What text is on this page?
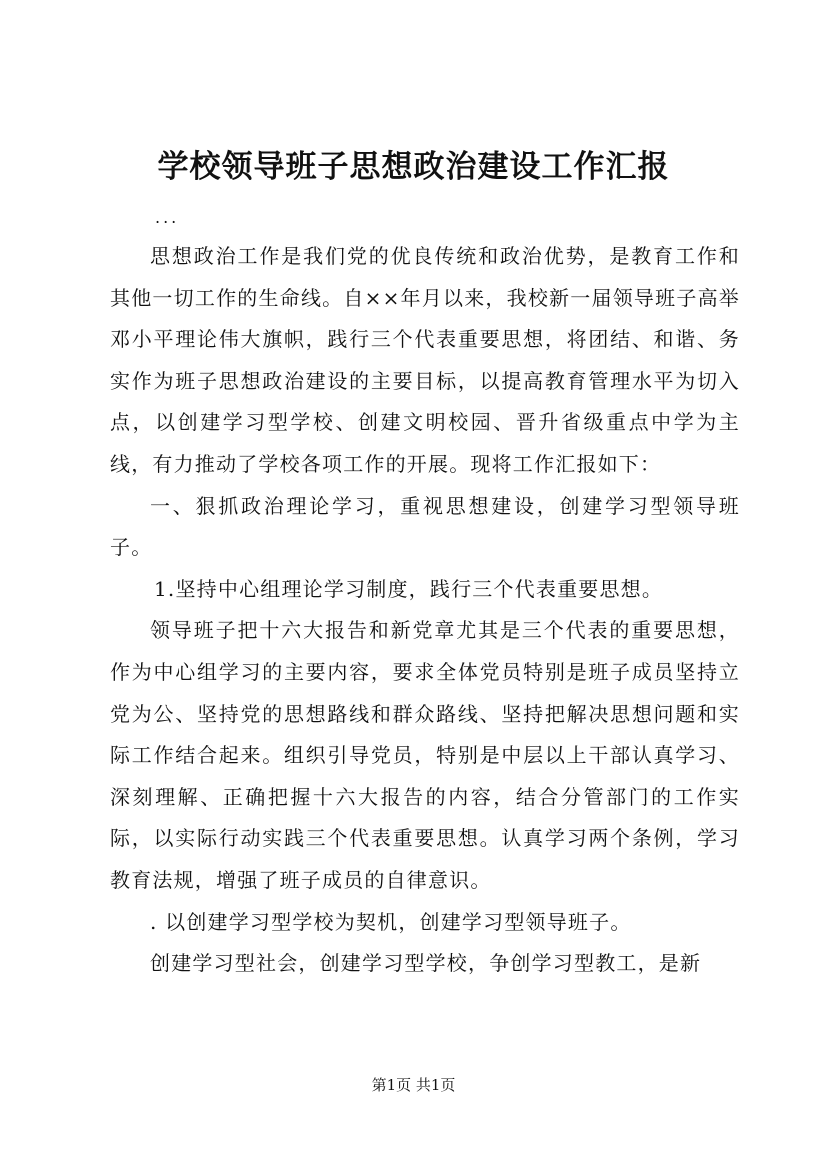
学校领导班子思想政治建设工作汇报
...

思想政治工作是我们党的优良传统和政治优势，是教育工作和其他一切工作的生命线。自××年月以来，我校新一届领导班子高举邓小平理论伟大旗帜，践行三个代表重要思想，将团结、和谐、务实作为班子思想政治建设的主要目标，以提高教育管理水平为切入点，以创建学习型学校、创建文明校园、晋升省级重点中学为主线，有力推动了学校各项工作的开展。现将工作汇报如下：

一、狠抓政治理论学习，重视思想建设，创建学习型领导班子。

1.坚持中心组理论学习制度，践行三个代表重要思想。

领导班子把十六大报告和新党章尤其是三个代表的重要思想，作为中心组学习的主要内容，要求全体党员特别是班子成员坚持立党为公、坚持党的思想路线和群众路线、坚持把解决思想问题和实际工作结合起来。组织引导党员，特别是中层以上干部认真学习、深刻理解、正确把握十六大报告的内容，结合分管部门的工作实际，以实际行动实践三个代表重要思想。认真学习两个条例，学习教育法规，增强了班子成员的自律意识。

. 以创建学习型学校为契机，创建学习型领导班子。

创建学习型社会，创建学习型学校，争创学习型教工，是新

第1页 共1页
